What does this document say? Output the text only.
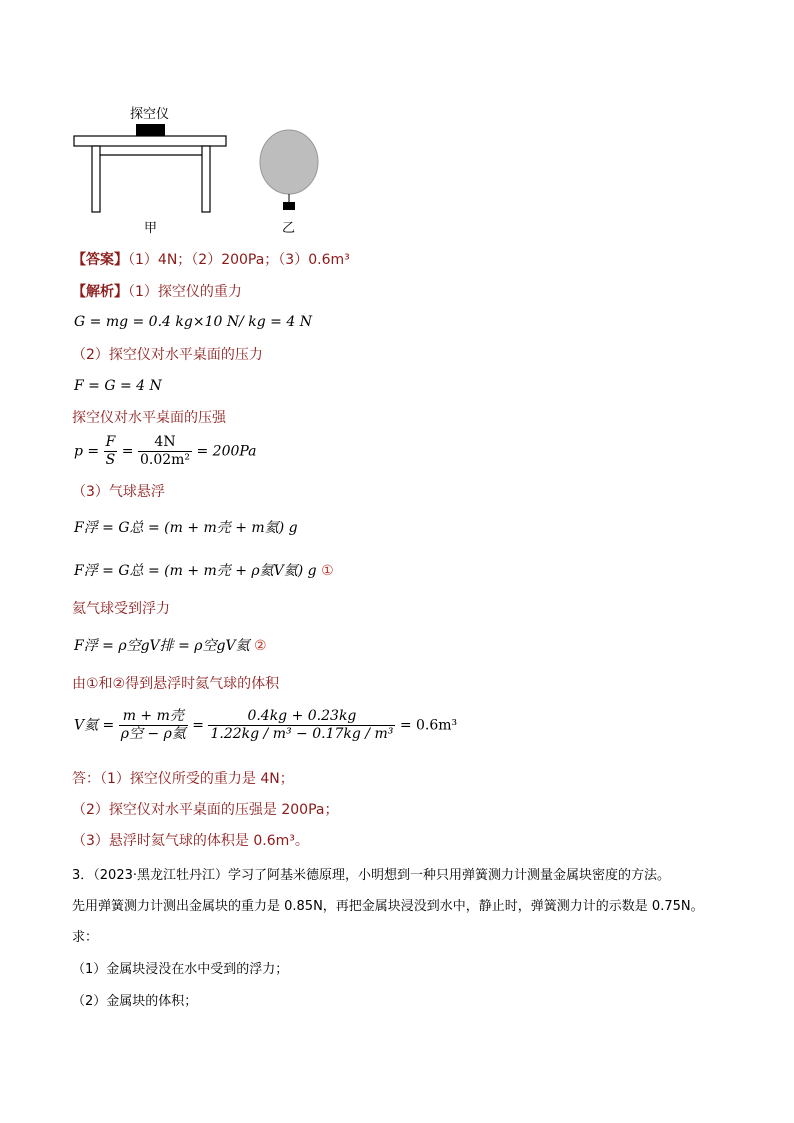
探空仪
甲	乙
【答案】（1）4N；（2）200Pa；（3）0.6m³
【解析】（1）探空仪的重力
G = mg = 0.4 kg×10 N/ kg = 4 N
（2）探空仪对水平桌面的压力
F = G = 4 N
探空仪对水平桌面的压强
$p = \frac{F}{S} = \frac{4N}{\text{0.02m²}} = 200Pa$
（3）气球悬浮
F浮 = G总 = (m + m壳 + m氦) g
F浮 = G总 = (m + m壳 + ρ氦V氦) g ①
氦气球受到浮力
F浮 = ρ空gV排 = ρ空gV氦 ②
由①和②得到悬浮时氦气球的体积
V氦 = $\frac{\text{m + m壳}}{\text{ρ空 − ρ氦}} = \frac{0.4kg + 0.23kg}{\text{1.22kg / m³ − 0.17kg / m³}} = 0.6m^3$
答：（1）探空仪所受的重力是 4N；
（2）探空仪对水平桌面的压强是 200Pa；
（3）悬浮时氦气球的体积是 0.6m³。
3．（2023·黑龙江牡丹江）学习了阿基米德原理，小明想到一种只用弹簧测力计测量金属块密度的方法。
先用弹簧测力计测出金属块的重力是 0.85N，再把金属块浸没到水中，静止时，弹簧测力计的示数是 0.75N。
求：
（1）金属块浸没在水中受到的浮力；
（2）金属块的体积；
